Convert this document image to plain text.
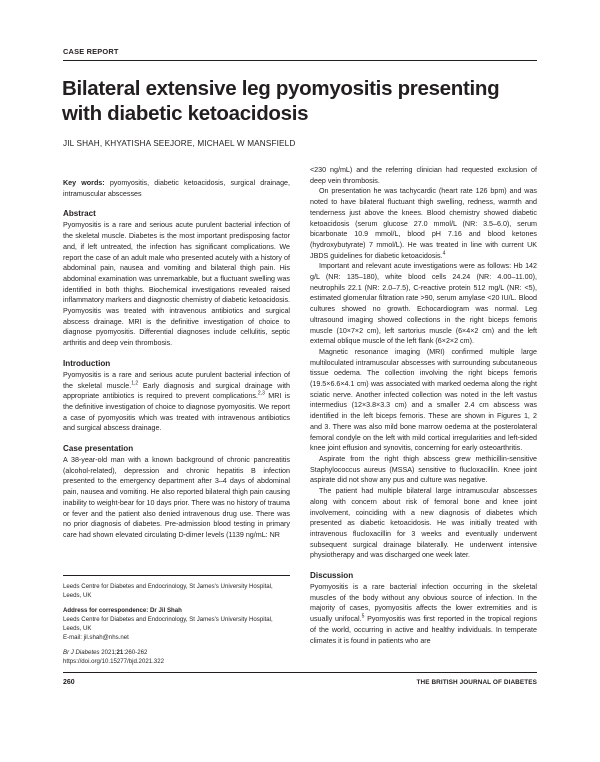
CASE REPORT
Bilateral extensive leg pyomyositis presenting with diabetic ketoacidosis
JIL SHAH, KHYATISHA SEEJORE, MICHAEL W MANSFIELD

Key words: pyomyositis, diabetic ketoacidosis, surgical drainage, intramuscular abscesses

Abstract

Pyomyositis is a rare and serious acute purulent bacterial infection of the skeletal muscle. Diabetes is the most important predisposing factor and, if left untreated, the infection has significant complications. We report the case of an adult male who presented acutely with a history of abdominal pain, nausea and vomiting and bilateral thigh pain. His abdominal examination was unremarkable, but a fluctuant swelling was identified in both thighs. Biochemical investigations revealed raised inflammatory markers and diagnostic chemistry of diabetic ketoacidosis. Pyomyositis was treated with intravenous antibiotics and surgical abscess drainage. MRI is the definitive investigation of choice to diagnose pyomyositis. Differential diagnoses include cellulitis, septic arthritis and deep vein thrombosis.

Introduction

Pyomyositis is a rare and serious acute purulent bacterial infection of the skeletal muscle.$^{1,2}$ Early diagnosis and surgical drainage with appropriate antibiotics is required to prevent complications.$^{2,3}$ MRI is the definitive investigation of choice to diagnose pyomyositis. We report a case of pyomyositis which was treated with intravenous antibiotics and surgical abscess drainage.

Case presentation

A 38-year-old man with a known background of chronic pancreatitis (alcohol-related), depression and chronic hepatitis B infection presented to the emergency department after 3–4 days of abdominal pain, nausea and vomiting. He also reported bilateral thigh pain causing inability to weight-bear for 10 days prior. There was no history of trauma or fever and the patient also denied intravenous drug use. There was no prior diagnosis of diabetes. Pre-admission blood testing in primary care had shown elevated circulating D-dimer levels (1139 ng/mL: NR

Leeds Centre for Diabetes and Endocrinology, St James's University Hospital, Leeds, UK

Address for correspondence: Dr Jil Shah
Leeds Centre for Diabetes and Endocrinology, St James's University Hospital, Leeds, UK
E-mail: jil.shah@nhs.net

Br J Diabetes 2021;21:260-262
https://doi.org/10.15277/bjd.2021.322

<230 ng/mL) and the referring clinician had requested exclusion of deep vein thrombosis.

On presentation he was tachycardic (heart rate 126 bpm) and was noted to have bilateral fluctuant thigh swelling, redness, warmth and tenderness just above the knees. Blood chemistry showed diabetic ketoacidosis (serum glucose 27.0 mmol/L (NR: 3.5–6.0), serum bicarbonate 10.9 mmol/L, blood pH 7.16 and blood ketones (hydroxybutyrate) 7 mmol/L). He was treated in line with current UK JBDS guidelines for diabetic ketoacidosis.$^4$

Important and relevant acute investigations were as follows: Hb 142 g/L (NR: 135–180), white blood cells 24.24 (NR: 4.00–11.00), neutrophils 22.1 (NR: 2.0–7.5), C-reactive protein 512 mg/L (NR: <5), estimated glomerular filtration rate >90, serum amylase <20 IU/L. Blood cultures showed no growth. Echocardiogram was normal. Leg ultrasound imaging showed collections in the right biceps femoris muscle (10×7×2 cm), left sartorius muscle (6×4×2 cm) and the left external oblique muscle of the left flank (6×2×2 cm).

Magnetic resonance imaging (MRI) confirmed multiple large multiloculated intramuscular abscesses with surrounding subcutaneous tissue oedema. The collection involving the right biceps femoris (19.5×6.6×4.1 cm) was associated with marked oedema along the right sciatic nerve. Another infected collection was noted in the left vastus intermedius (12×3.8×3.3 cm) and a smaller 2.4 cm abscess was identified in the left biceps femoris. These are shown in Figures 1, 2 and 3. There was also mild bone marrow oedema at the posterolateral femoral condyle on the left with mild cortical irregularities and left-sided knee joint effusion and synovitis, concerning for early osteoarthritis.

Aspirate from the right thigh abscess grew methicillin-sensitive Staphylococcus aureus (MSSA) sensitive to flucloxacillin. Knee joint aspirate did not show any pus and culture was negative.

The patient had multiple bilateral large intramuscular abscesses along with concern about risk of femoral bone and knee joint involvement, coinciding with a new diagnosis of diabetes which presented as diabetic ketoacidosis. He was initially treated with intravenous flucloxacillin for 3 weeks and eventually underwent subsequent surgical drainage bilaterally. He underwent intensive physiotherapy and was discharged one week later.

Discussion

Pyomyositis is a rare bacterial infection occurring in the skeletal muscles of the body without any obvious source of infection. In the majority of cases, pyomyositis affects the lower extremities and is usually unifocal.$^5$ Pyomyositis was first reported in the tropical regions of the world, occurring in active and healthy individuals. In temperate climates it is found in patients who are

260	THE BRITISH JOURNAL OF DIABETES
